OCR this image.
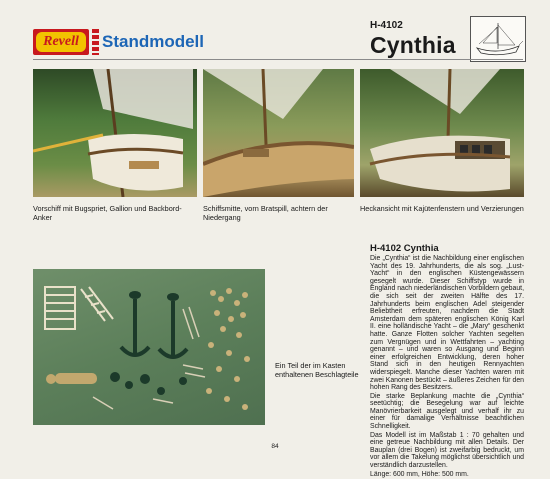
Revell	Standmodell
H-4102
Cynthia
Vorschiff mit Bugspriet, Gallion und Backbord-Anker
Schiffsmitte, vorn Bratspill, achtern der Niedergang
Heckansicht mit Kajütenfenstern und Verzierungen
Ein Teil der im Kasten enthaltenen Beschlagteile
H-4102 Cynthia

Die „Cynthia“ ist die Nachbildung einer englischen Yacht des 19. Jahrhunderts, die als sog. „Lust-Yacht“ in den englischen Küstengewässern gesegelt wurde. Dieser Schiffstyp wurde in England nach niederländischen Vorbildern gebaut, die sich seit der zweiten Hälfte des 17. Jahrhunderts beim englischen Adel steigender Beliebtheit erfreuten, nachdem die Stadt Amsterdam dem späteren englischen König Karl II. eine holländische Yacht – die „Mary“ geschenkt hatte. Ganze Flotten solcher Yachten segelten zum Vergnügen und in Wettfahrten – yachting genannt – und waren so Ausgang und Beginn einer erfolgreichen Entwicklung, deren hoher Stand sich in den heutigen Rennyachten widerspiegelt. Manche dieser Yachten waren mit zwei Kanonen bestückt – äußeres Zeichen für den hohen Rang des Besitzers.

Die starke Beplankung machte die „Cynthia“ seetüchtig; die Besegelung war auf leichte Manövrierbarkeit ausgelegt und verhalf ihr zu einer für damalige Verhältnisse beachtlichen Schnelligkeit.

Das Modell ist im Maßstab 1 : 70 gehalten und eine getreue Nachbildung mit allen Details. Der Bauplan (drei Bogen) ist zweifarbig bedruckt, um vor allem die Takelung möglichst übersichtlich und verständlich darzustellen.

Länge: 600 mm, Höhe: 500 mm.

84
